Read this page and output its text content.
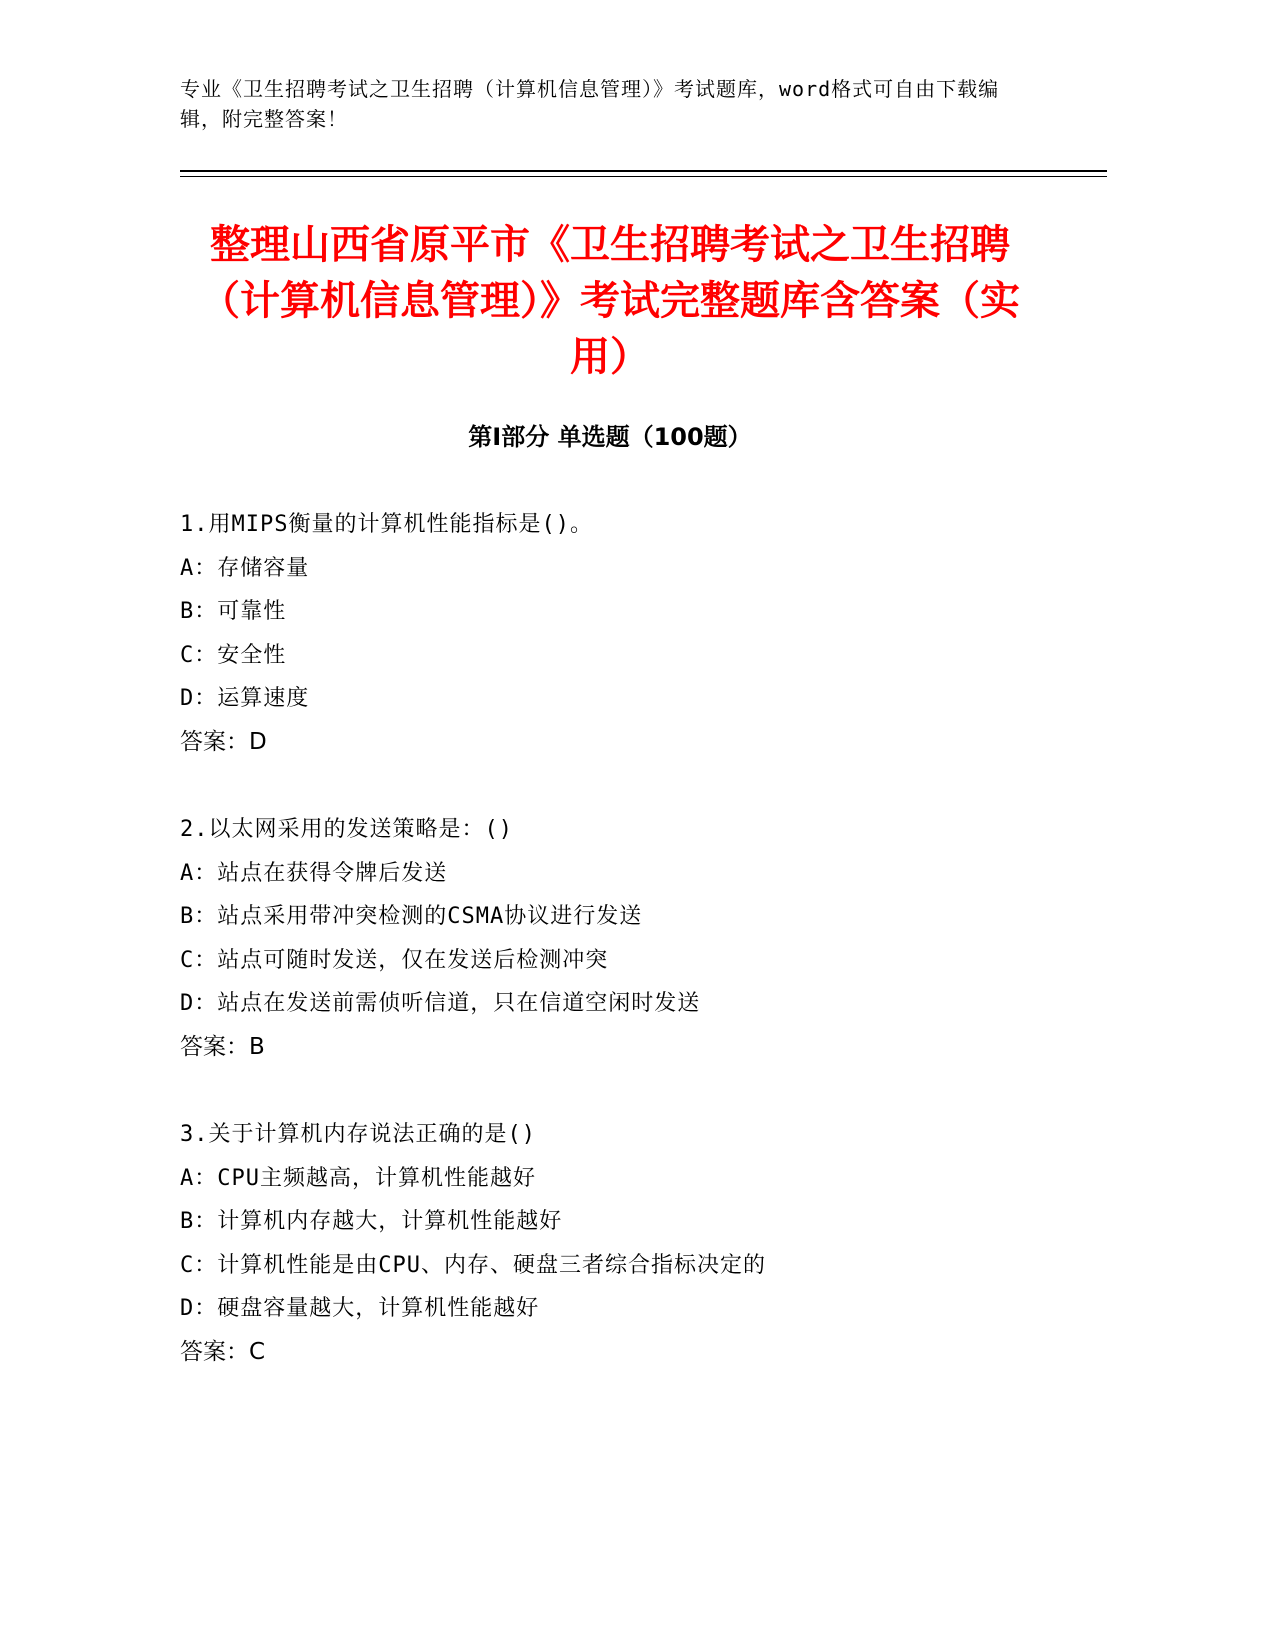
专业《卫生招聘考试之卫生招聘（计算机信息管理）》考试题库，word格式可自由下载编辑，附完整答案！
整理山西省原平市《卫生招聘考试之卫生招聘（计算机信息管理）》考试完整题库含答案（实用）
第Ⅰ部分 单选题（100题）
1.用MIPS衡量的计算机性能指标是()。
A：存储容量
B：可靠性
C：安全性
D：运算速度
答案：D
2.以太网采用的发送策略是：()
A：站点在获得令牌后发送
B：站点采用带冲突检测的CSMA协议进行发送
C：站点可随时发送，仅在发送后检测冲突
D：站点在发送前需侦听信道，只在信道空闲时发送
答案：B
3.关于计算机内存说法正确的是()
A：CPU主频越高，计算机性能越好
B：计算机内存越大，计算机性能越好
C：计算机性能是由CPU、内存、硬盘三者综合指标决定的
D：硬盘容量越大，计算机性能越好
答案：C
